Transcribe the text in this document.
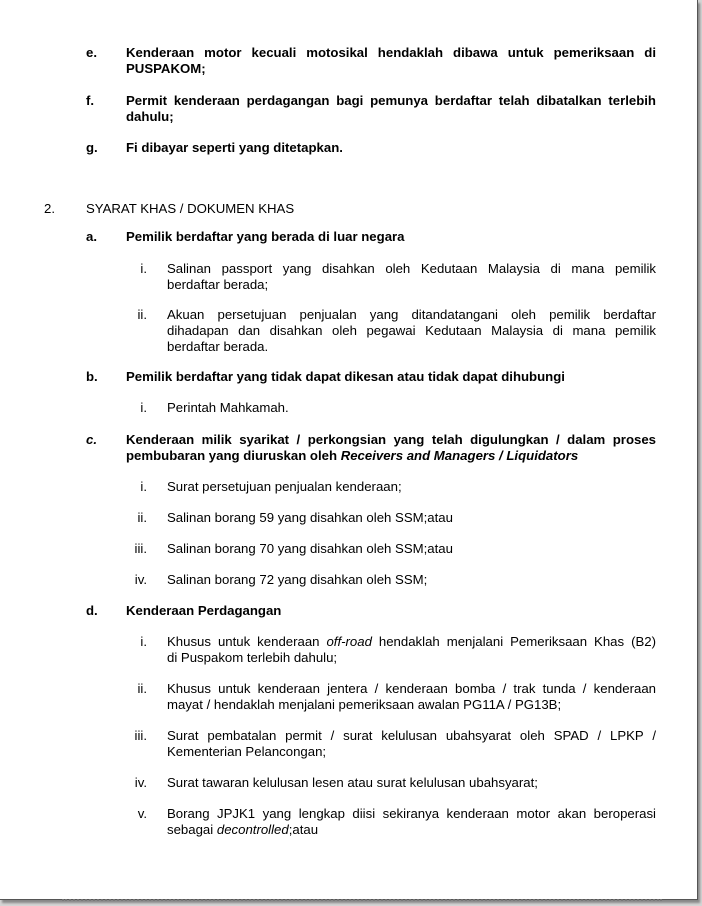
e. Kenderaan motor kecuali motosikal hendaklah dibawa untuk pemeriksaan di
PUSPAKOM;
f. Permit kenderaan perdagangan bagi pemunya berdaftar telah dibatalkan terlebih
dahulu;
g. Fi dibayar seperti yang ditetapkan.
2. SYARAT KHAS / DOKUMEN KHAS
a. Pemilik berdaftar yang berada di luar negara
i. Salinan passport yang disahkan oleh Kedutaan Malaysia di mana pemilik
berdaftar berada;
ii. Akuan persetujuan penjualan yang ditandatangani oleh pemilik berdaftar
dihadapan dan disahkan oleh pegawai Kedutaan Malaysia di mana pemilik
berdaftar berada.
b. Pemilik berdaftar yang tidak dapat dikesan atau tidak dapat dihubungi
i. Perintah Mahkamah.
c. Kenderaan milik syarikat / perkongsian yang telah digulungkan / dalam proses
pembubaran yang diuruskan oleh Receivers and Managers / Liquidators
i. Surat persetujuan penjualan kenderaan;
ii. Salinan borang 59 yang disahkan oleh SSM;atau
iii. Salinan borang 70 yang disahkan oleh SSM;atau
iv. Salinan borang 72 yang disahkan oleh SSM;
d. Kenderaan Perdagangan
i. Khusus untuk kenderaan off-road hendaklah menjalani Pemeriksaan Khas (B2)
di Puspakom terlebih dahulu;
ii. Khusus untuk kenderaan jentera / kenderaan bomba / trak tunda / kenderaan
mayat / hendaklah menjalani pemeriksaan awalan PG11A / PG13B;
iii. Surat pembatalan permit / surat kelulusan ubahsyarat oleh SPAD / LPKP /
Kementerian Pelancongan;
iv. Surat tawaran kelulusan lesen atau surat kelulusan ubahsyarat;
v. Borang JPJK1 yang lengkap diisi sekiranya kenderaan motor akan beroperasi
sebagai decontrolled;atau
